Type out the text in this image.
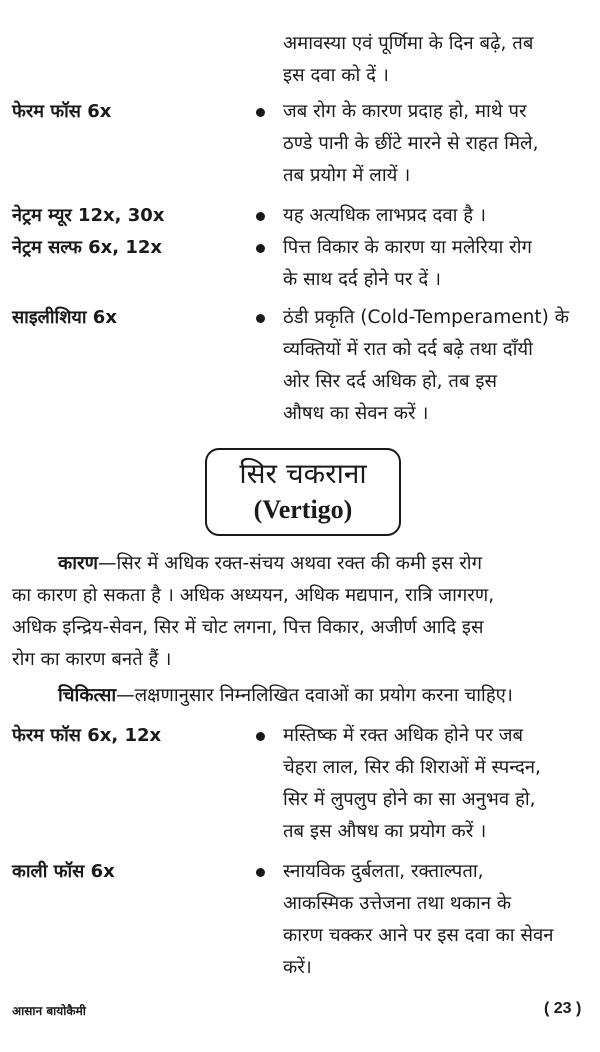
अमावस्या एवं पूर्णिमा के दिन बढ़े, तब
इस दवा को दें ।
फेरम फॉस 6x	जब रोग के कारण प्रदाह हो, माथे पर
ठण्डे पानी के छींटे मारने से राहत मिले,
तब प्रयोग में लायें ।
नेट्रम म्यूर 12x, 30x	यह अत्यधिक लाभप्रद दवा है ।
नेट्रम सल्फ 6x, 12x	पित्त विकार के कारण या मलेरिया रोग
के साथ दर्द होने पर दें ।
साइलीशिया 6x	ठंडी प्रकृति (Cold-Temperament) के
व्यक्तियों में रात को दर्द बढ़े तथा दाँयी
ओर सिर दर्द अधिक हो, तब इस
औषध का सेवन करें ।
सिर चकराना
(Vertigo)
कारण—सिर में अधिक रक्त-संचय अथवा रक्त की कमी इस रोग
का कारण हो सकता है । अधिक अध्ययन, अधिक मद्यपान, रात्रि जागरण,
अधिक इन्द्रिय-सेवन, सिर में चोट लगना, पित्त विकार, अजीर्ण आदि इस
रोग का कारण बनते हैं ।
चिकित्सा—लक्षणानुसार निम्नलिखित दवाओं का प्रयोग करना चाहिए।
फेरम फॉस 6x, 12x	मस्तिष्क में रक्त अधिक होने पर जब
चेहरा लाल, सिर की शिराओं में स्पन्दन,
सिर में लुपलुप होने का सा अनुभव हो,
तब इस औषध का प्रयोग करें ।
काली फॉस 6x	स्नायविक दुर्बलता, रक्ताल्पता,
आकस्मिक उत्तेजना तथा थकान के
कारण चक्कर आने पर इस दवा का सेवन
करें।
आसान बायोकैमी	( 23 )
